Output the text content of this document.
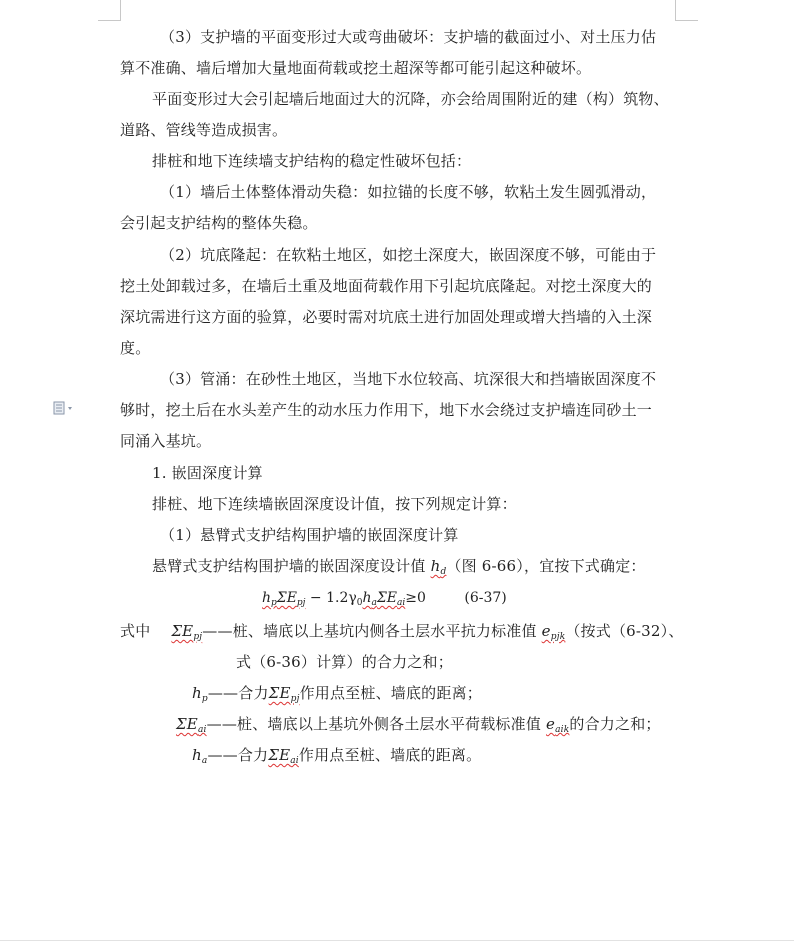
（3）支护墙的平面变形过大或弯曲破坏：支护墙的截面过小、对土压力估
算不准确、墙后增加大量地面荷载或挖土超深等都可能引起这种破坏。
平面变形过大会引起墙后地面过大的沉降，亦会给周围附近的建（构）筑物、
道路、管线等造成损害。
排桩和地下连续墙支护结构的稳定性破坏包括：
（1）墙后土体整体滑动失稳：如拉锚的长度不够，软粘土发生圆弧滑动，
会引起支护结构的整体失稳。
（2）坑底隆起：在软粘土地区，如挖土深度大，嵌固深度不够，可能由于
挖土处卸载过多，在墙后土重及地面荷载作用下引起坑底隆起。对挖土深度大的
深坑需进行这方面的验算，必要时需对坑底土进行加固处理或增大挡墙的入土深
度。
（3）管涌：在砂性土地区，当地下水位较高、坑深很大和挡墙嵌固深度不
够时，挖土后在水头差产生的动水压力作用下，地下水会绕过支护墙连同砂土一
同涌入基坑。
1. 嵌固深度计算
排桩、地下连续墙嵌固深度设计值，按下列规定计算：
（1）悬臂式支护结构围护墙的嵌固深度计算
悬臂式支护结构围护墙的嵌固深度设计值 $h_d$（图 6-66），宜按下式确定：
$h_p\Sigma E_{pj} - 1.2\gamma_0h_a\Sigma E_{ai}\ge 0$	(6-37)
式中 $\Sigma E_{pj}——$桩、墙底以上基坑内侧各土层水平抗力标准值 $e_{pjk}$（按式（6-32）、
式（6-36）计算）的合力之和；
$h_p——$合力$\Sigma E_{pj}$作用点至桩、墙底的距离；
$\Sigma E_{ai}——$桩、墙底以上基坑外侧各土层水平荷载标准值 $e_{aik}$的合力之和；
$h_a——$合力$\Sigma E_{ai}$作用点至桩、墙底的距离。
